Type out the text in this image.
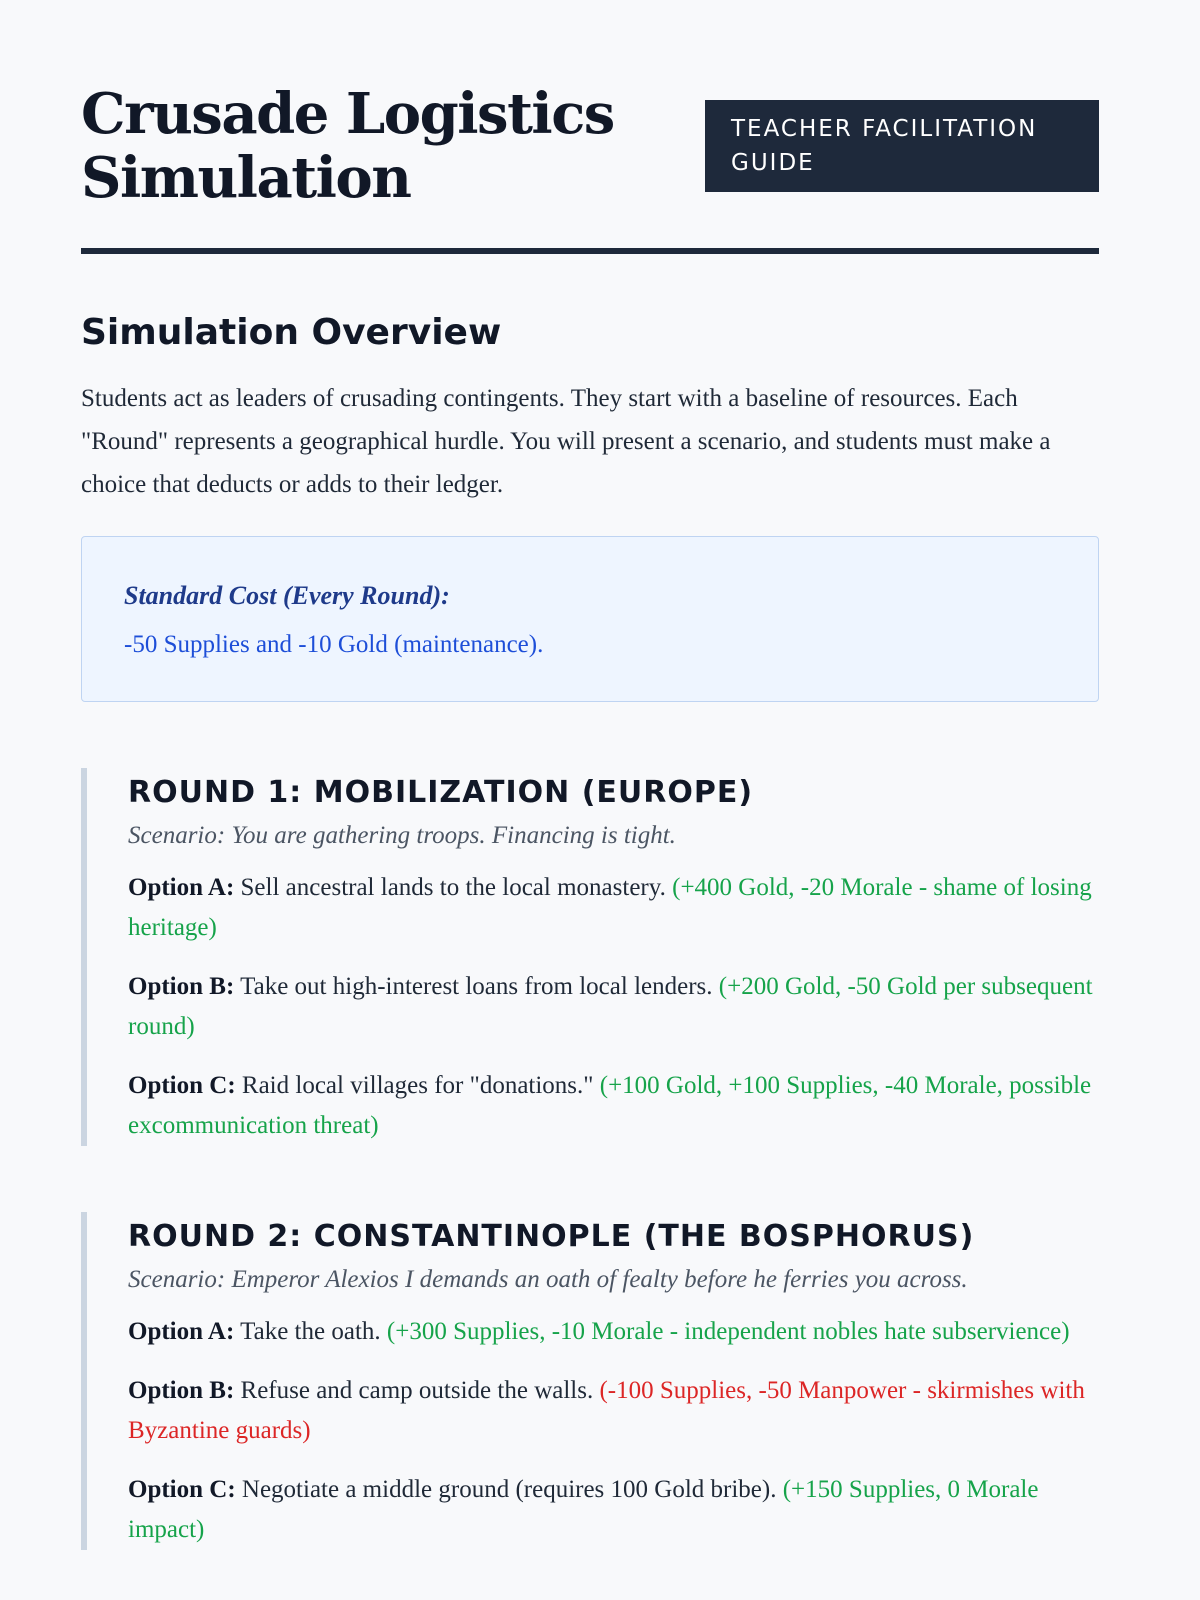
Crusade Logistics
Simulation
TEACHER FACILITATION GUIDE
Simulation Overview

Students act as leaders of crusading contingents. They start with a baseline of resources. Each "Round" represents a geographical hurdle. You will present a scenario, and students must make a choice that deducts or adds to their ledger.

Standard Cost (Every Round):
-50 Supplies and -10 Gold (maintenance).
ROUND 1: MOBILIZATION (EUROPE)
Scenario: You are gathering troops. Financing is tight.
Option A: Sell ancestral lands to the local monastery. (+400 Gold, -20 Morale - shame of losing heritage)
Option B: Take out high-interest loans from local lenders. (+200 Gold, -50 Gold per subsequent round)
Option C: Raid local villages for "donations." (+100 Gold, +100 Supplies, -40 Morale, possible excommunication threat)
ROUND 2: CONSTANTINOPLE (THE BOSPHORUS)
Scenario: Emperor Alexios I demands an oath of fealty before he ferries you across.
Option A: Take the oath. (+300 Supplies, -10 Morale - independent nobles hate subservience)
Option B: Refuse and camp outside the walls. (-100 Supplies, -50 Manpower - skirmishes with Byzantine guards)
Option C: Negotiate a middle ground (requires 100 Gold bribe). (+150 Supplies, 0 Morale impact)
